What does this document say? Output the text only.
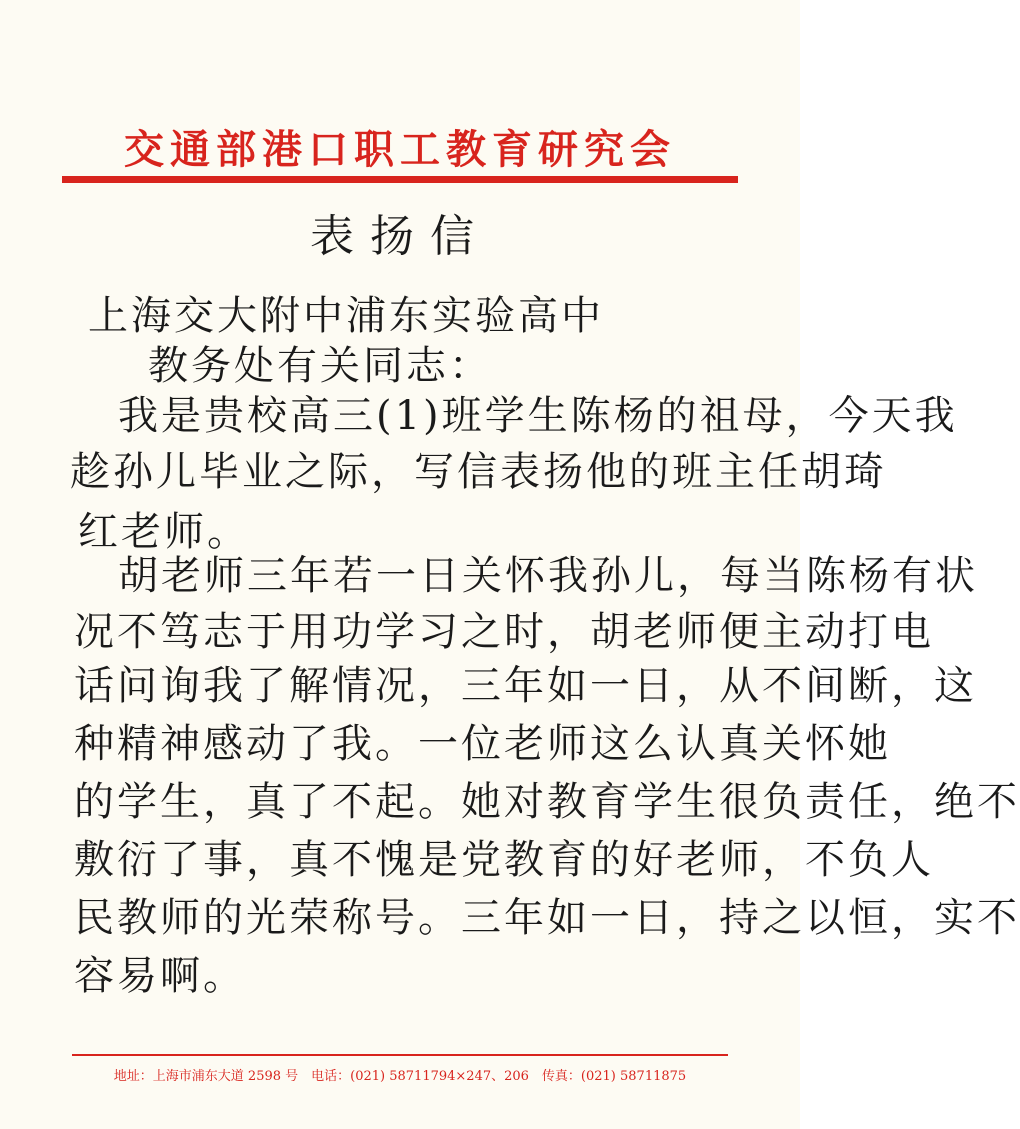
交通部港口职工教育研究会
表扬信
上海交大附中浦东实验高中
教务处有关同志：
我是贵校高三(1)班学生陈杨的祖母，今天我
趁孙儿毕业之际，写信表扬他的班主任胡琦
红老师。
胡老师三年若一日关怀我孙儿，每当陈杨有状
况不笃志于用功学习之时，胡老师便主动打电
话问询我了解情况，三年如一日，从不间断，这
种精神感动了我。一位老师这么认真关怀她
的学生，真了不起。她对教育学生很负责任，绝不
敷衍了事，真不愧是党教育的好老师，不负人
民教师的光荣称号。三年如一日，持之以恒，实不
容易啊。
地址：上海市浦东大道 2598 号　电话：(021) 58711794×247、206　传真：(021) 58711875
